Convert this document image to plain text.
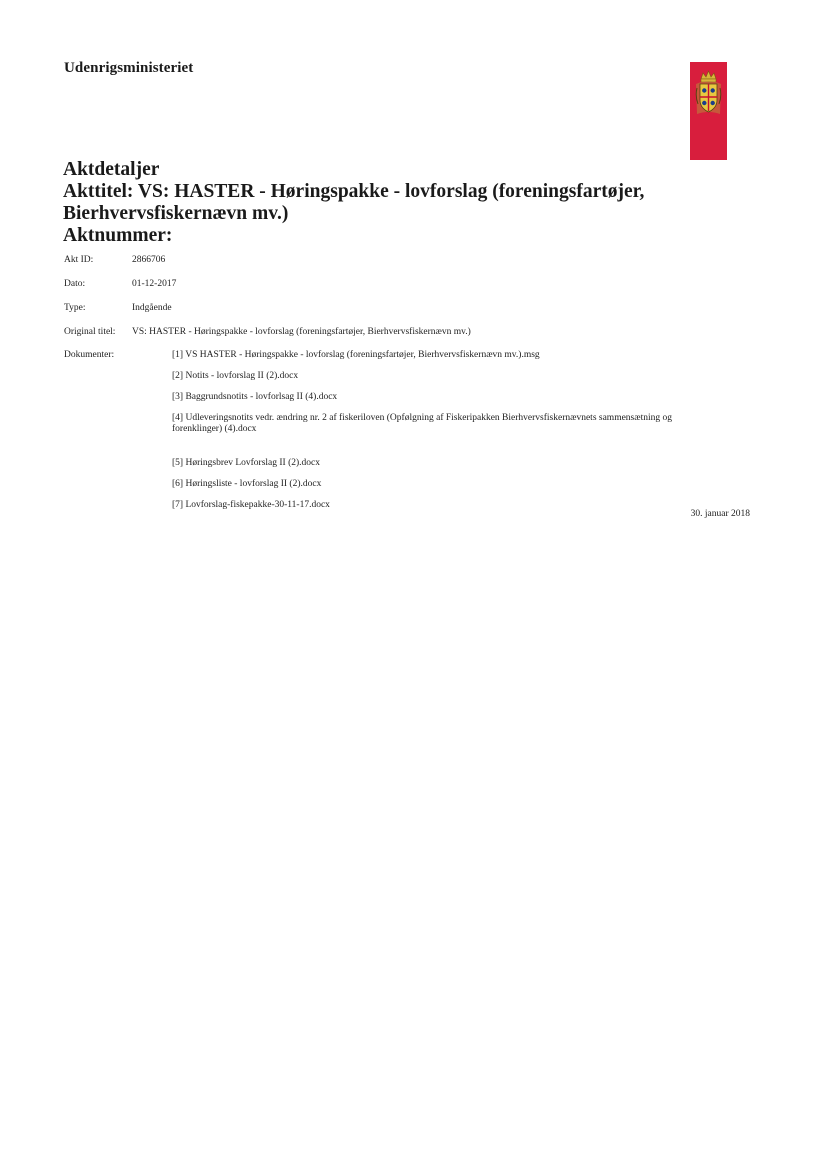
Udenrigsministeriet
Aktdetaljer
Akttitel: VS: HASTER - Høringspakke - lovforslag (foreningsfartøjer,
Bierhvervsfiskernævn mv.)
Aktnummer:
Akt ID:	2866706
Dato:	01-12-2017
Type:	Indgående
Original titel: VS: HASTER - Høringspakke - lovforslag (foreningsfartøjer, Bierhvervsfiskernævn mv.)
Dokumenter:	[1] VS HASTER - Høringspakke - lovforslag (foreningsfartøjer, Bierhvervsfiskernævn mv.).msg
[2] Notits - lovforslag II (2).docx
[3] Baggrundsnotits - lovforlsag II (4).docx
[4] Udleveringsnotits vedr. ændring nr. 2 af fiskeriloven (Opfølgning af Fiskeripakken Bierhvervsfiskernævnets sammensætning og forenklinger) (4).docx
[5] Høringsbrev Lovforslag II (2).docx
[6] Høringsliste - lovforslag II (2).docx
[7] Lovforslag-fiskepakke-30-11-17.docx
30. januar 2018
